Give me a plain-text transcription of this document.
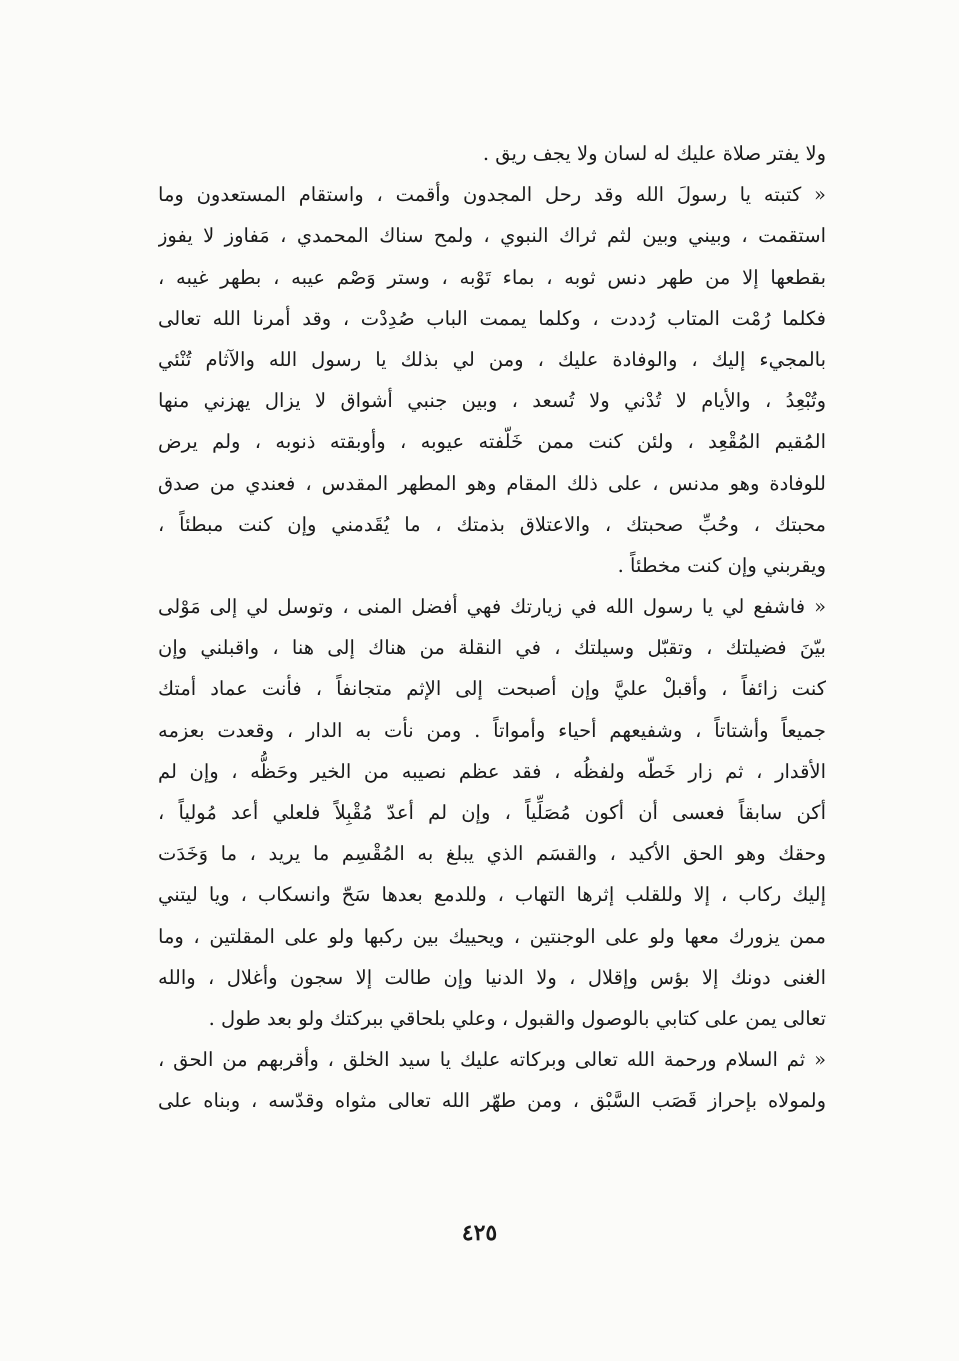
ولا يفتر صلاة عليك له لسان ولا يجف ريق .
« كتبته يا رسولَ الله وقد رحل المجدون وأقمت ، واستقام المستعدون وما
استقمت ، وبيني وبين لثم ثراك النبوي ، ولمح سناك المحمدي ، مَفاوز لا يفوز
بقطعها إلا من طهر دنس ثوبه ، بماء تَوْبه ، وستر وَصْم عيبه ، بطهر غيبه ،
فكلما رُمْت المتاب رُددت ، وكلما يممت الباب صُدِدْت ، وقد أمرنا الله تعالى
بالمجيء إليك ، والوفادة عليك ، ومن لي بذلك يا رسول الله والآثام تُنْئي
وتُبْعِدُ ، والأيام لا تُدْني ولا تُسعد ، وبين جنبي أشواق لا يزال يهزني منها
المُقيم المُقْعِد ، ولئن كنت ممن خَلّفته عيوبه ، وأوبقته ذنوبه ، ولم يرض
للوفادة وهو مدنس ، على ذلك المقام وهو المطهر المقدس ، فعندي من صدق
محبتك ، وحُبِّ صحبتك ، والاعتلاق بذمتك ، ما يُقَدمني وإن كنت مبطئاً ،
ويقربني وإن كنت مخطئاً .
« فاشفع لي يا رسول الله في زيارتك فهي أفضل المنى ، وتوسل لي إلى مَوْلى
بيّنَ فضيلتك ، وتقبّل وسيلتك ، في النقلة من هناك إلى هنا ، واقبلني وإن
كنت زائفاً ، وأقبلْ عليَّ وإن أصبحت إلى الإثم متجانفاً ، فأنت عماد أمتك
جميعاً وأشتاتاً ، وشفيعهم أحياء وأمواتاً . ومن نأت به الدار ، وقعدت بعزمه
الأقدار ، ثم زار خَطّه ولفظُه ، فقد عظم نصيبه من الخير وحَظُّه ، وإن لم
أكن سابقاً فعسى أن أكون مُصَلِّياً ، وإن لم أعدّ مُقْبِلاً فلعلي أعد مُولياً ،
وحقك وهو الحق الأكيد ، والقسَم الذي يبلغ به المُقْسِم ما يريد ، ما وَخَدَت
إليك ركاب ، إلا وللقلب إثرها التهاب ، وللدمع بعدها سَحّ وانسكاب ، ويا ليتني
ممن يزورك معها ولو على الوجنتين ، ويحييك بين ركبها ولو على المقلتين ، وما
الغنى دونك إلا بؤس وإقلال ، ولا الدنيا وإن طالت إلا سجون وأغلال ، والله
تعالى يمن على كتابي بالوصول والقبول ، وعلي بلحاقي ببركتك ولو بعد طول .
« ثم السلام ورحمة الله تعالى وبركاته عليك يا سيد الخلق ، وأقربهم من الحق ،
ولمولاه بإحراز قَصَب السَّبْق ، ومن طهّر الله تعالى مثواه وقدّسه ، وبناه على
٤٢٥
